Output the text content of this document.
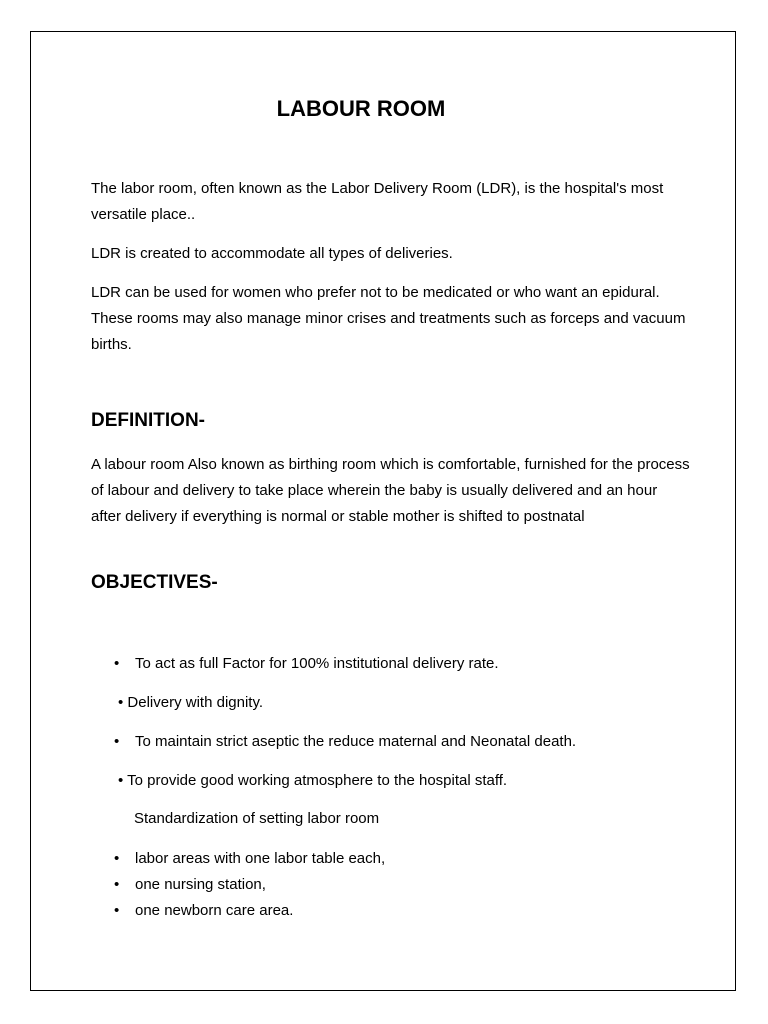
LABOUR ROOM

The labor room, often known as the Labor Delivery Room (LDR), is the hospital's most versatile place..

LDR is created to accommodate all types of deliveries.

LDR can be used for women who prefer not to be medicated or who want an epidural. These rooms may also manage minor crises and treatments such as forceps and vacuum births.

DEFINITION-

A labour room Also known as birthing room which is comfortable, furnished for the process of labour and delivery to take place wherein the baby is usually delivered and an hour after delivery if everything is normal or stable mother is shifted to postnatal

OBJECTIVES-
• To act as full Factor for 100% institutional delivery rate.
• Delivery with dignity.
• To maintain strict aseptic the reduce maternal and Neonatal death.
• To provide good working atmosphere to the hospital staff.
Standardization of setting labor room
• labor areas with one labor table each,
• one nursing station,
• one newborn care area.
